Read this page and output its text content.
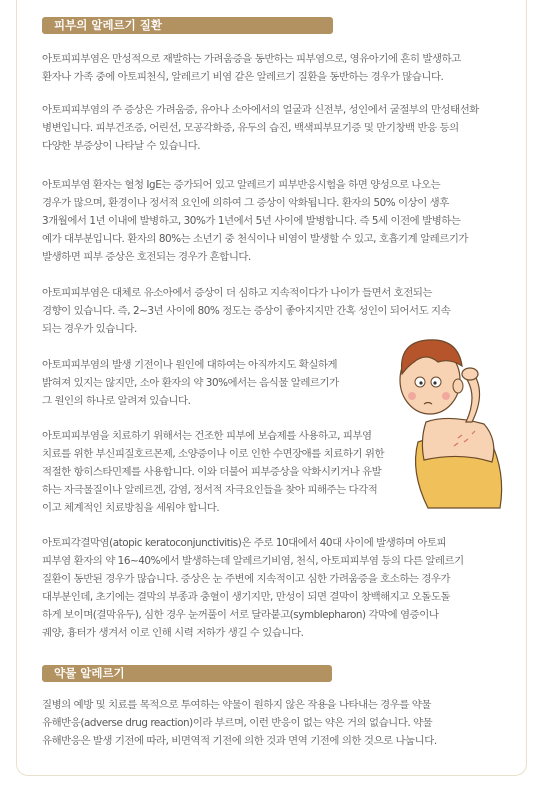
피부의 알레르기 질환

아토피피부염은 만성적으로 재발하는 가려움증을 동반하는 피부염으로, 영유아기에 흔히 발생하고
환자나 가족 중에 아토피천식, 알레르기 비염 같은 알레르기 질환을 동반하는 경우가 많습니다.

아토피피부염의 주 증상은 가려움증, 유아나 소아에서의 얼굴과 신전부, 성인에서 굴절부의 만성태선화
병변입니다. 피부건조증, 어린선, 모공각화증, 유두의 습진, 백색피부묘기증 및 만기창백 반응 등의
다양한 부증상이 나타날 수 있습니다.

아토피부염 환자는 혈청 IgE는 증가되어 있고 알레르기 피부반응시험을 하면 양성으로 나오는
경우가 많으며, 환경이나 정서적 요인에 의하여 그 증상이 악화됩니다. 환자의 50% 이상이 생후
3개월에서 1년 이내에 발병하고, 30%가 1년에서 5년 사이에 발병합니다. 즉 5세 이전에 발병하는
예가 대부분입니다. 환자의 80%는 소년기 중 천식이나 비염이 발생할 수 있고, 호흡기계 알레르기가
발생하면 피부 증상은 호전되는 경우가 흔합니다.

아토피피부염은 대체로 유소아에서 증상이 더 심하고 지속적이다가 나이가 들면서 호전되는
경향이 있습니다. 즉, 2~3년 사이에 80% 정도는 증상이 좋아지지만 간혹 성인이 되어서도 지속
되는 경우가 있습니다.

아토피피부염의 발생 기전이나 원인에 대하여는 아직까지도 확실하게
밝혀져 있지는 않지만, 소아 환자의 약 30%에서는 음식물 알레르기가
그 원인의 하나로 알려져 있습니다.

아토피피부염을 치료하기 위해서는 건조한 피부에 보습제를 사용하고, 피부염
치료를 위한 부신피질호르몬제, 소양증이나 이로 인한 수면장애를 치료하기 위한
적절한 항히스타민제를 사용합니다. 이와 더불어 피부증상을 악화시키거나 유발
하는 자극물질이나 알레르겐, 감염, 정서적 자극요인들을 찾아 피해주는 다각적
이고 체계적인 치료방침을 세워야 합니다.

아토피각결막염(atopic keratoconjunctivitis)은 주로 10대에서 40대 사이에 발생하며 아토피
피부염 환자의 약 16~40%에서 발생하는데 알레르기비염, 천식, 아토피피부염 등의 다른 알레르기
질환이 동반된 경우가 많습니다. 증상은 눈 주변에 지속적이고 심한 가려움증을 호소하는 경우가
대부분인데, 초기에는 결막의 부종과 충혈이 생기지만, 만성이 되면 결막이 창백해지고 오돌도돌
하게 보이며(결막유두), 심한 경우 눈꺼풀이 서로 달라붙고(symblepharon) 각막에 염증이나
궤양, 흉터가 생겨서 이로 인해 시력 저하가 생길 수 있습니다.

약물 알레르기

질병의 예방 및 치료를 목적으로 투여하는 약물이 원하지 않은 작용을 나타내는 경우를 약물
유해반응(adverse drug reaction)이라 부르며, 이런 반응이 없는 약은 거의 없습니다. 약물
유해반응은 발생 기전에 따라, 비면역적 기전에 의한 것과 면역 기전에 의한 것으로 나눕니다.
